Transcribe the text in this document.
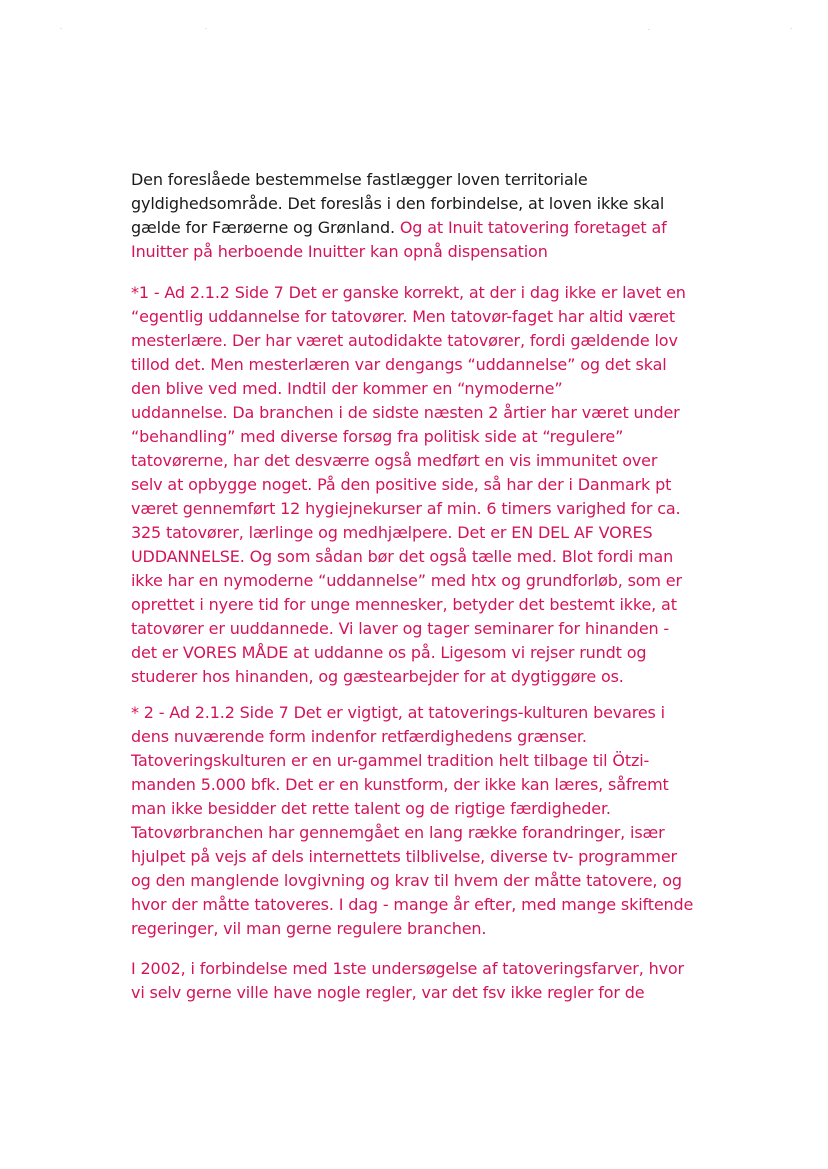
Den foreslåede bestemmelse fastlægger loven territoriale
gyldighedsområde. Det foreslås i den forbindelse, at loven ikke skal
gælde for Færøerne og Grønland. Og at Inuit tatovering foretaget af
Inuitter på herboende Inuitter kan opnå dispensation
*1 - Ad 2.1.2 Side 7 Det er ganske korrekt, at der i dag ikke er lavet en
“egentlig uddannelse for tatovører. Men tatovør-faget har altid været
mesterlære. Der har været autodidakte tatovører, fordi gældende lov
tillod det. Men mesterlæren var dengangs “uddannelse” og det skal
den blive ved med. Indtil der kommer en “nymoderne”
uddannelse. Da branchen i de sidste næsten 2 årtier har været under
“behandling” med diverse forsøg fra politisk side at “regulere”
tatovørerne, har det desværre også medført en vis immunitet over
selv at opbygge noget. På den positive side, så har der i Danmark pt
været gennemført 12 hygiejnekurser af min. 6 timers varighed for ca.
325 tatovører, lærlinge og medhjælpere. Det er EN DEL AF VORES
UDDANNELSE. Og som sådan bør det også tælle med. Blot fordi man
ikke har en nymoderne “uddannelse” med htx og grundforløb, som er
oprettet i nyere tid for unge mennesker, betyder det bestemt ikke, at
tatovører er uuddannede. Vi laver og tager seminarer for hinanden -
det er VORES MÅDE at uddanne os på. Ligesom vi rejser rundt og
studerer hos hinanden, og gæstearbejder for at dygtiggøre os.
* 2 - Ad 2.1.2 Side 7 Det er vigtigt, at tatoverings-kulturen bevares i
dens nuværende form indenfor retfærdighedens grænser.
Tatoveringskulturen er en ur-gammel tradition helt tilbage til Ötzi-
manden 5.000 bfk. Det er en kunstform, der ikke kan læres, såfremt
man ikke besidder det rette talent og de rigtige færdigheder.
Tatovørbranchen har gennemgået en lang række forandringer, især
hjulpet på vejs af dels internettets tilblivelse, diverse tv- programmer
og den manglende lovgivning og krav til hvem der måtte tatovere, og
hvor der måtte tatoveres. I dag - mange år efter, med mange skiftende
regeringer, vil man gerne regulere branchen.
I 2002, i forbindelse med 1ste undersøgelse af tatoveringsfarver, hvor
vi selv gerne ville have nogle regler, var det fsv ikke regler for de
